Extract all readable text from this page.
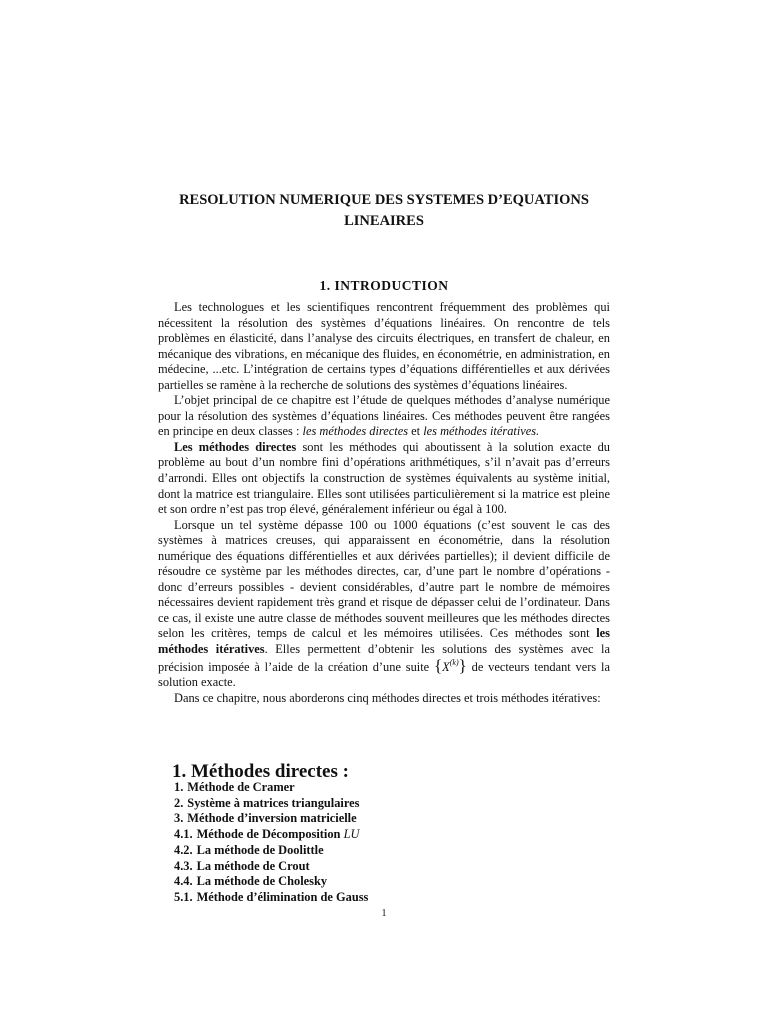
RESOLUTION NUMERIQUE DES SYSTEMES D’EQUATIONS LINEAIRES
1. INTRODUCTION

Les technologues et les scientifiques rencontrent fréquemment des problèmes qui nécessitent la résolution des systèmes d’équations linéaires. On rencontre de tels problèmes en élasticité, dans l’analyse des circuits électriques, en transfert de chaleur, en mécanique des vibrations, en mécanique des fluides, en économétrie, en administration, en médecine, ...etc. L’intégration de certains types d’équations différentielles et aux dérivées partielles se ramène à la recherche de solutions des systèmes d’équations linéaires.

L’objet principal de ce chapitre est l’étude de quelques méthodes d’analyse numérique pour la résolution des systèmes d’équations linéaires. Ces méthodes peuvent être rangées en principe en deux classes : les méthodes directes et les méthodes itératives.

Les méthodes directes sont les méthodes qui aboutissent à la solution exacte du problème au bout d’un nombre fini d’opérations arithmétiques, s’il n’avait pas d’erreurs d’arrondi. Elles ont objectifs la construction de systèmes équivalents au système initial, dont la matrice est triangulaire. Elles sont utilisées particulièrement si la matrice est pleine et son ordre n’est pas trop élevé, généralement inférieur ou égal à 100.

Lorsque un tel système dépasse 100 ou 1000 équations (c’est souvent le cas des systèmes à matrices creuses, qui apparaissent en économétrie, dans la résolution numérique des équations différentielles et aux dérivées partielles); il devient difficile de résoudre ce système par les méthodes directes, car, d’une part le nombre d’opérations - donc d’erreurs possibles - devient considérables, d’autre part le nombre de mémoires nécessaires devient rapidement très grand et risque de dépasser celui de l’ordinateur. Dans ce cas, il existe une autre classe de méthodes souvent meilleures que les méthodes directes selon les critères, temps de calcul et les mémoires utilisées. Ces méthodes sont les méthodes itératives. Elles permettent d’obtenir les solutions des systèmes avec la précision imposée à l’aide de la création d’une suite $\{X^{(k)}\}$ de vecteurs tendant vers la solution exacte.

Dans ce chapitre, nous aborderons cinq méthodes directes et trois méthodes itératives:

1. Méthodes directes :
1. Méthode de Cramer
2. Système à matrices triangulaires
3. Méthode d’inversion matricielle
4.1. Méthode de Décomposition LU
4.2. La méthode de Doolittle
4.3. La méthode de Crout
4.4. La méthode de Cholesky
5.1. Méthode d’élimination de Gauss
1
